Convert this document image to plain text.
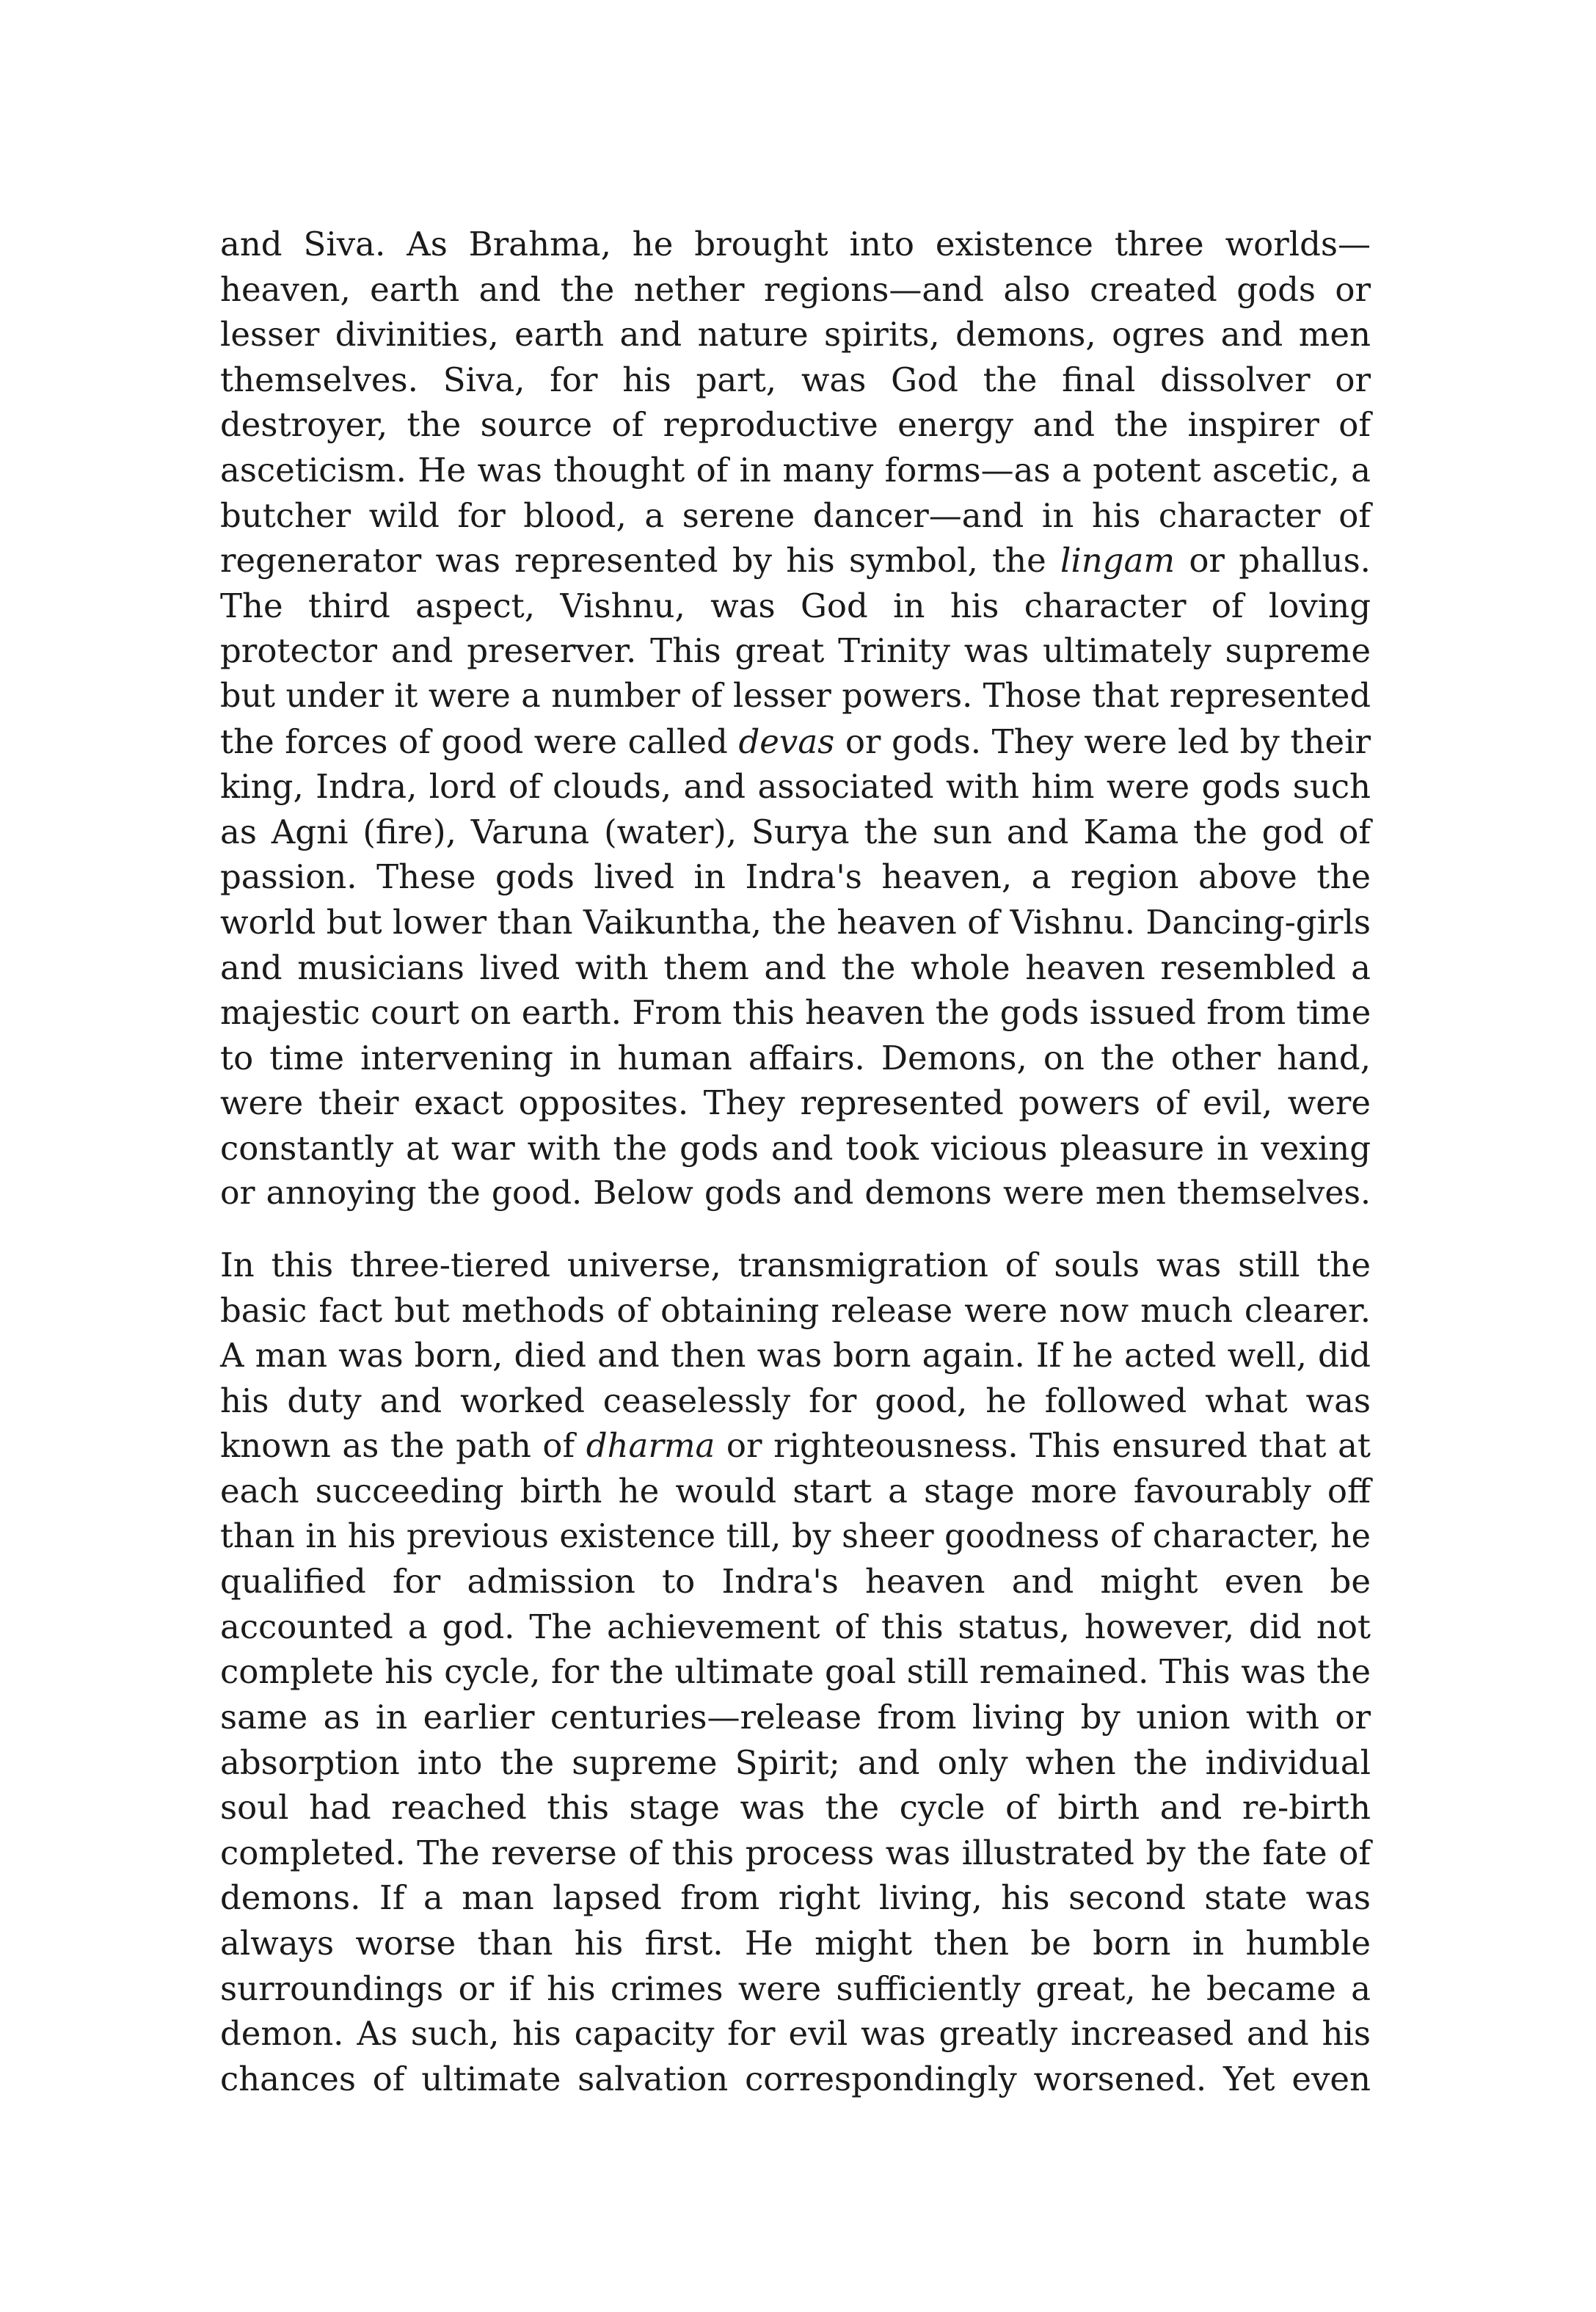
and Siva. As Brahma, he brought into existence three worlds—
heaven, earth and the nether regions—and also created gods or
lesser divinities, earth and nature spirits, demons, ogres and men
themselves. Siva, for his part, was God the final dissolver or
destroyer, the source of reproductive energy and the inspirer of
asceticism. He was thought of in many forms—as a potent ascetic, a
butcher wild for blood, a serene dancer—and in his character of
regenerator was represented by his symbol, the lingam or phallus.
The third aspect, Vishnu, was God in his character of loving
protector and preserver. This great Trinity was ultimately supreme
but under it were a number of lesser powers. Those that represented
the forces of good were called devas or gods. They were led by their
king, Indra, lord of clouds, and associated with him were gods such
as Agni (fire), Varuna (water), Surya the sun and Kama the god of
passion. These gods lived in Indra's heaven, a region above the
world but lower than Vaikuntha, the heaven of Vishnu. Dancing-girls
and musicians lived with them and the whole heaven resembled a
majestic court on earth. From this heaven the gods issued from time
to time intervening in human affairs. Demons, on the other hand,
were their exact opposites. They represented powers of evil, were
constantly at war with the gods and took vicious pleasure in vexing
or annoying the good. Below gods and demons were men themselves.

In this three-tiered universe, transmigration of souls was still the
basic fact but methods of obtaining release were now much clearer.
A man was born, died and then was born again. If he acted well, did
his duty and worked ceaselessly for good, he followed what was
known as the path of dharma or righteousness. This ensured that at
each succeeding birth he would start a stage more favourably off
than in his previous existence till, by sheer goodness of character, he
qualified for admission to Indra's heaven and might even be
accounted a god. The achievement of this status, however, did not
complete his cycle, for the ultimate goal still remained. This was the
same as in earlier centuries—release from living by union with or
absorption into the supreme Spirit; and only when the individual
soul had reached this stage was the cycle of birth and re-birth
completed. The reverse of this process was illustrated by the fate of
demons. If a man lapsed from right living, his second state was
always worse than his first. He might then be born in humble
surroundings or if his crimes were sufficiently great, he became a
demon. As such, his capacity for evil was greatly increased and his
chances of ultimate salvation correspondingly worsened. Yet even
